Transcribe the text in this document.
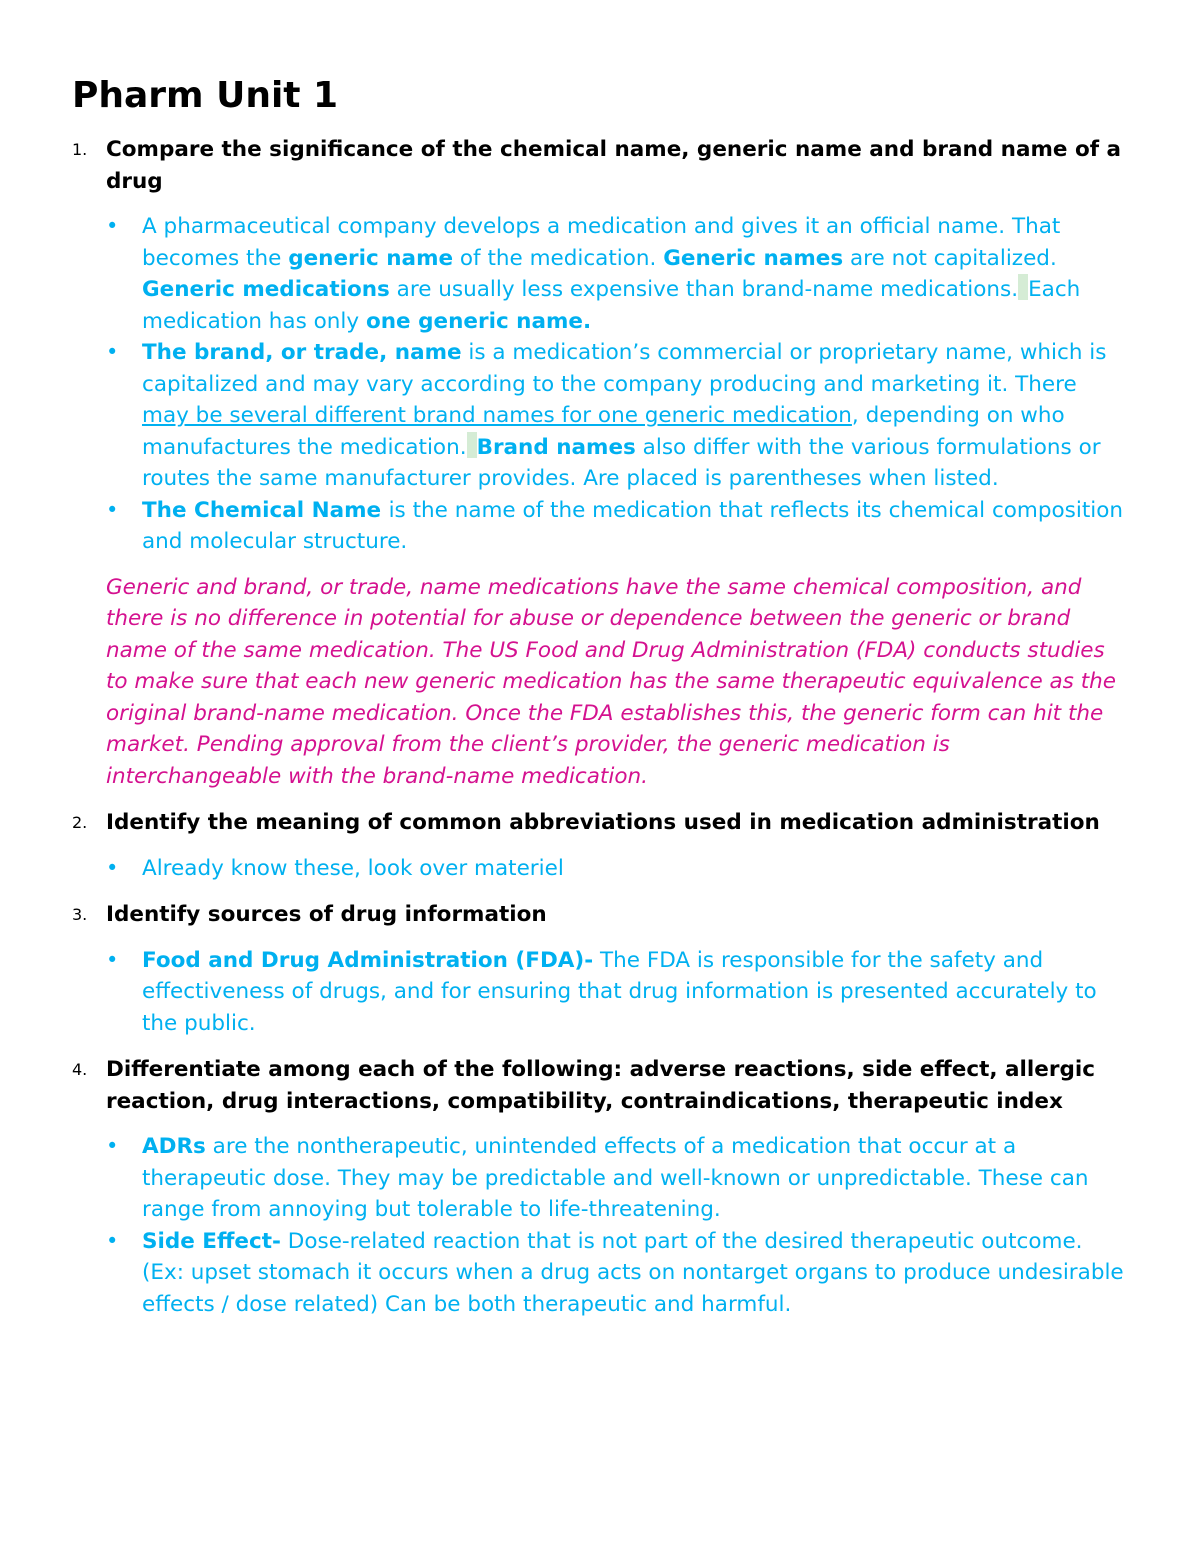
Pharm Unit 1

1. Compare the significance of the chemical name, generic name and brand name of a drug

• A pharmaceutical company develops a medication and gives it an official name. That becomes the generic name of the medication. Generic names are not capitalized. Generic medications are usually less expensive than brand-name medications. Each medication has only one generic name.
• The brand, or trade, name is a medication’s commercial or proprietary name, which is capitalized and may vary according to the company producing and marketing it. There may be several different brand names for one generic medication, depending on who manufactures the medication. Brand names also differ with the various formulations or routes the same manufacturer provides. Are placed is parentheses when listed.
• The Chemical Name is the name of the medication that reflects its chemical composition and molecular structure.

Generic and brand, or trade, name medications have the same chemical composition, and there is no difference in potential for abuse or dependence between the generic or brand name of the same medication. The US Food and Drug Administration (FDA) conducts studies to make sure that each new generic medication has the same therapeutic equivalence as the original brand-name medication. Once the FDA establishes this, the generic form can hit the market. Pending approval from the client’s provider, the generic medication is interchangeable with the brand-name medication.

2. Identify the meaning of common abbreviations used in medication administration

• Already know these, look over materiel

3. Identify sources of drug information

• Food and Drug Administration (FDA)- The FDA is responsible for the safety and effectiveness of drugs, and for ensuring that drug information is presented accurately to the public.

4. Differentiate among each of the following: adverse reactions, side effect, allergic reaction, drug interactions, compatibility, contraindications, therapeutic index

• ADRs are the nontherapeutic, unintended effects of a medication that occur at a therapeutic dose. They may be predictable and well-known or unpredictable. These can range from annoying but tolerable to life-threatening.
• Side Effect- Dose-related reaction that is not part of the desired therapeutic outcome. (Ex: upset stomach it occurs when a drug acts on nontarget organs to produce undesirable effects / dose related) Can be both therapeutic and harmful.
